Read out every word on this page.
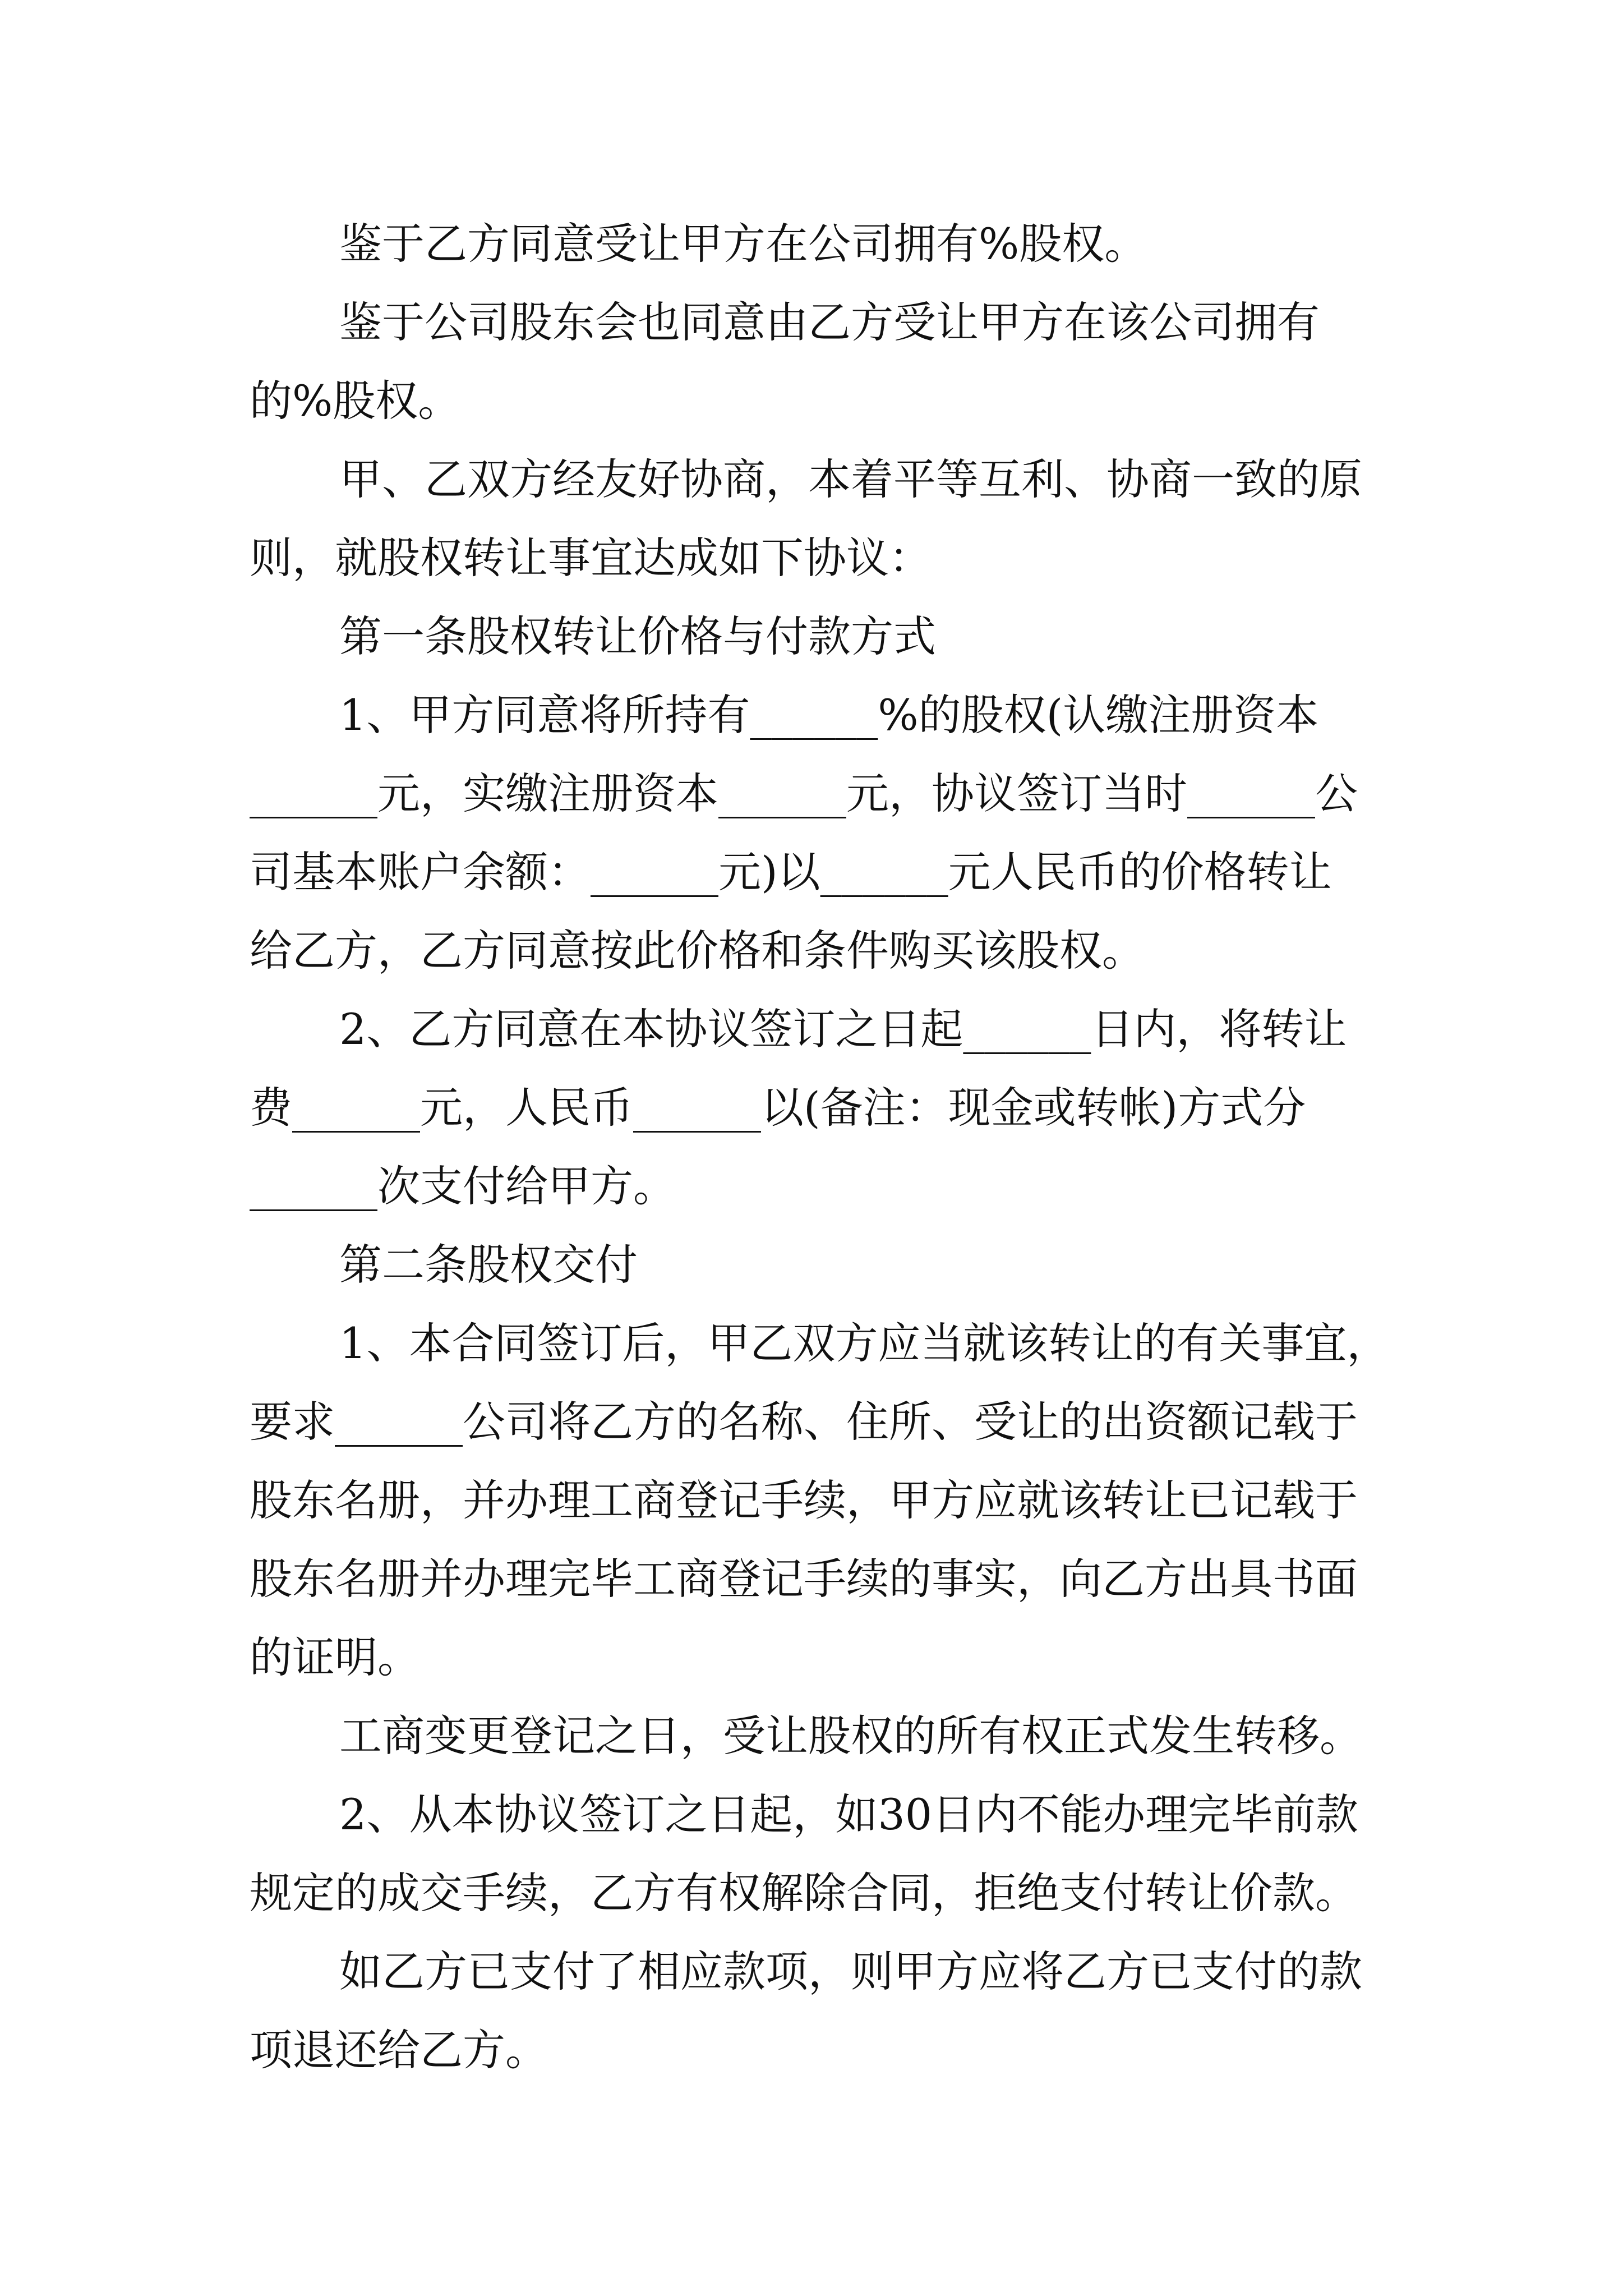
鉴于乙方同意受让甲方在公司拥有%股权。
鉴于公司股东会也同意由乙方受让甲方在该公司拥有
的%股权。
甲、乙双方经友好协商，本着平等互利、协商一致的原
则，就股权转让事宜达成如下协议：
第一条股权转让价格与付款方式
1、甲方同意将所持有______%的股权(认缴注册资本
______元，实缴注册资本______元，协议签订当时______公
司基本账户余额：______元)以______元人民币的价格转让
给乙方，乙方同意按此价格和条件购买该股权。
2、乙方同意在本协议签订之日起______日内，将转让
费______元，人民币______以(备注：现金或转帐)方式分
______次支付给甲方。
第二条股权交付
1、本合同签订后，甲乙双方应当就该转让的有关事宜，
要求______公司将乙方的名称、住所、受让的出资额记载于
股东名册，并办理工商登记手续，甲方应就该转让已记载于
股东名册并办理完毕工商登记手续的事实，向乙方出具书面
的证明。
工商变更登记之日，受让股权的所有权正式发生转移。
2、从本协议签订之日起，如30日内不能办理完毕前款
规定的成交手续，乙方有权解除合同，拒绝支付转让价款。
如乙方已支付了相应款项，则甲方应将乙方已支付的款
项退还给乙方。
